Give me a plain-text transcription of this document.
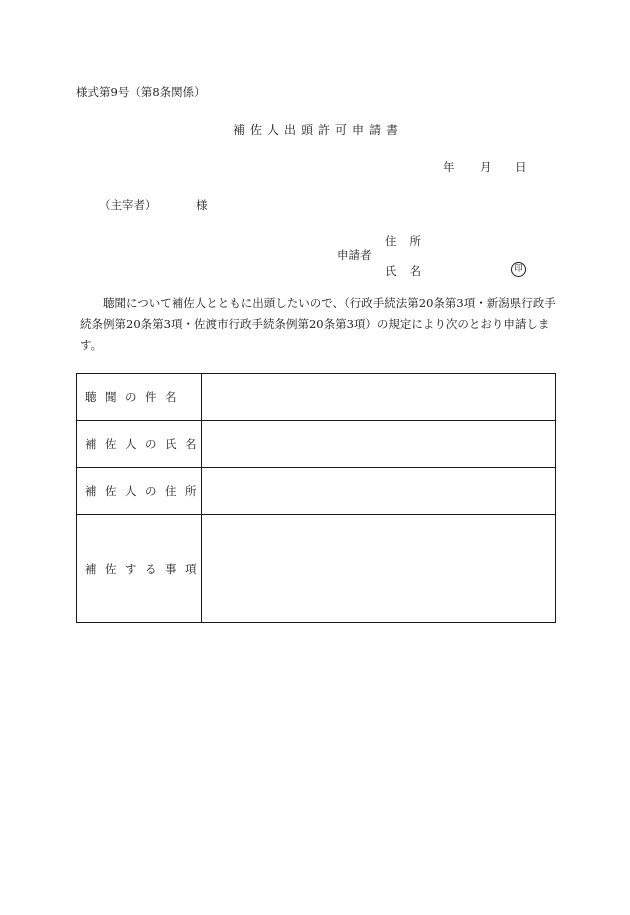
様式第9号（第8条関係）
補佐人出頭許可申請書
年 月 日
（主宰者）	様
申請者
住所
氏名	印
聴聞について補佐人とともに出頭したいので、（行政手続法第20条第3項・新潟県行政手続条例第20条第3項・佐渡市行政手続条例第20条第3項）の規定により次のとおり申請します。
聴聞の件名	
補佐人の氏名	
補佐人の住所	
補佐する事項	
